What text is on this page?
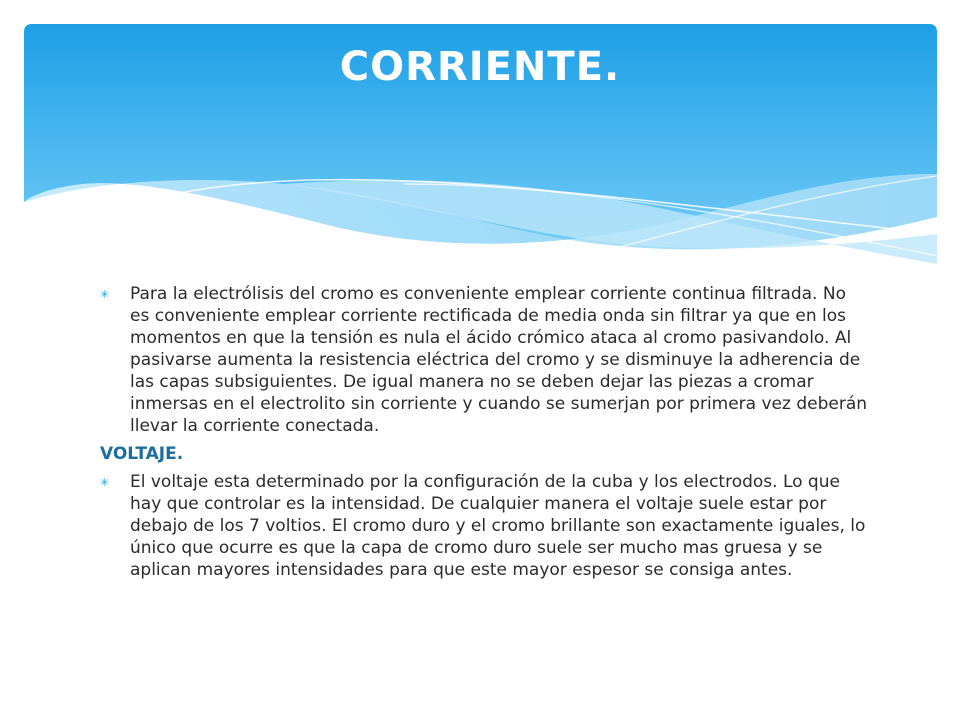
CORRIENTE.

✳ Para la electrólisis del cromo es conveniente emplear corriente continua filtrada. No es conveniente emplear corriente rectificada de media onda sin filtrar ya que en los momentos en que la tensión es nula el ácido crómico ataca al cromo pasivandolo. Al pasivarse aumenta la resistencia eléctrica del cromo y se disminuye la adherencia de las capas subsiguientes. De igual manera no se deben dejar las piezas a cromar inmersas en el electrolito sin corriente y cuando se sumerjan por primera vez deberán llevar la corriente conectada.

VOLTAJE.

✳ El voltaje esta determinado por la configuración de la cuba y los electrodos. Lo que hay que controlar es la intensidad. De cualquier manera el voltaje suele estar por debajo de los 7 voltios. El cromo duro y el cromo brillante son exactamente iguales, lo único que ocurre es que la capa de cromo duro suele ser mucho mas gruesa y se aplican mayores intensidades para que este mayor espesor se consiga antes.
